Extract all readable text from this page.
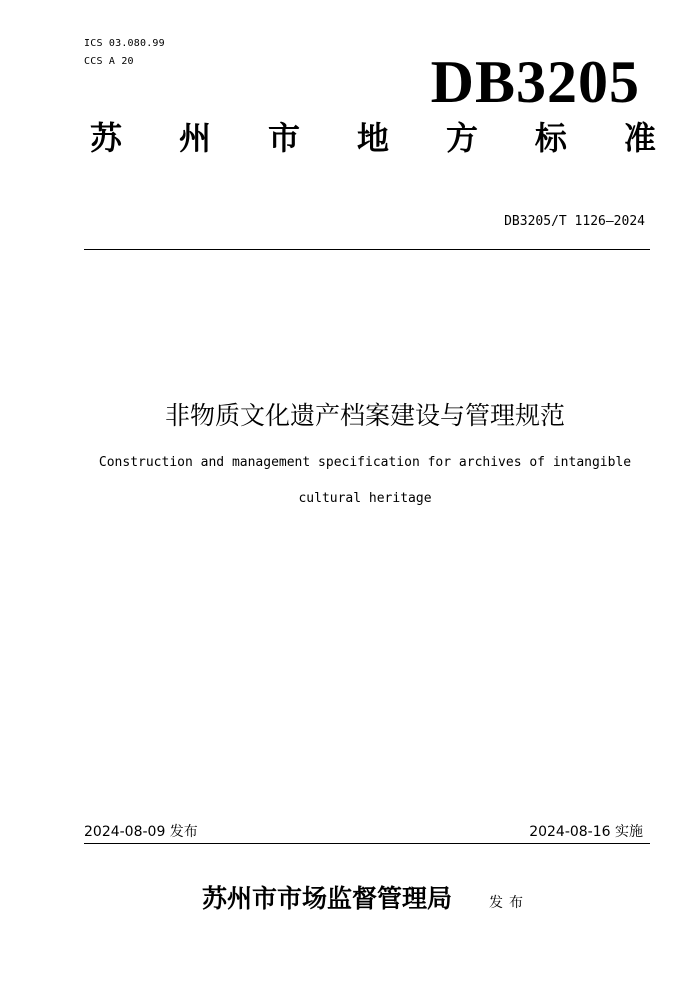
ICS 03.080.99
CCS A 20	DB3205
苏 州 市 地 方 标 准
DB3205/T 1126—2024
非物质文化遗产档案建设与管理规范
Construction and management specification for archives of intangible
cultural heritage
2024-08-09 发布	2024-08-16 实施
苏州市市场监督管理局	发布
